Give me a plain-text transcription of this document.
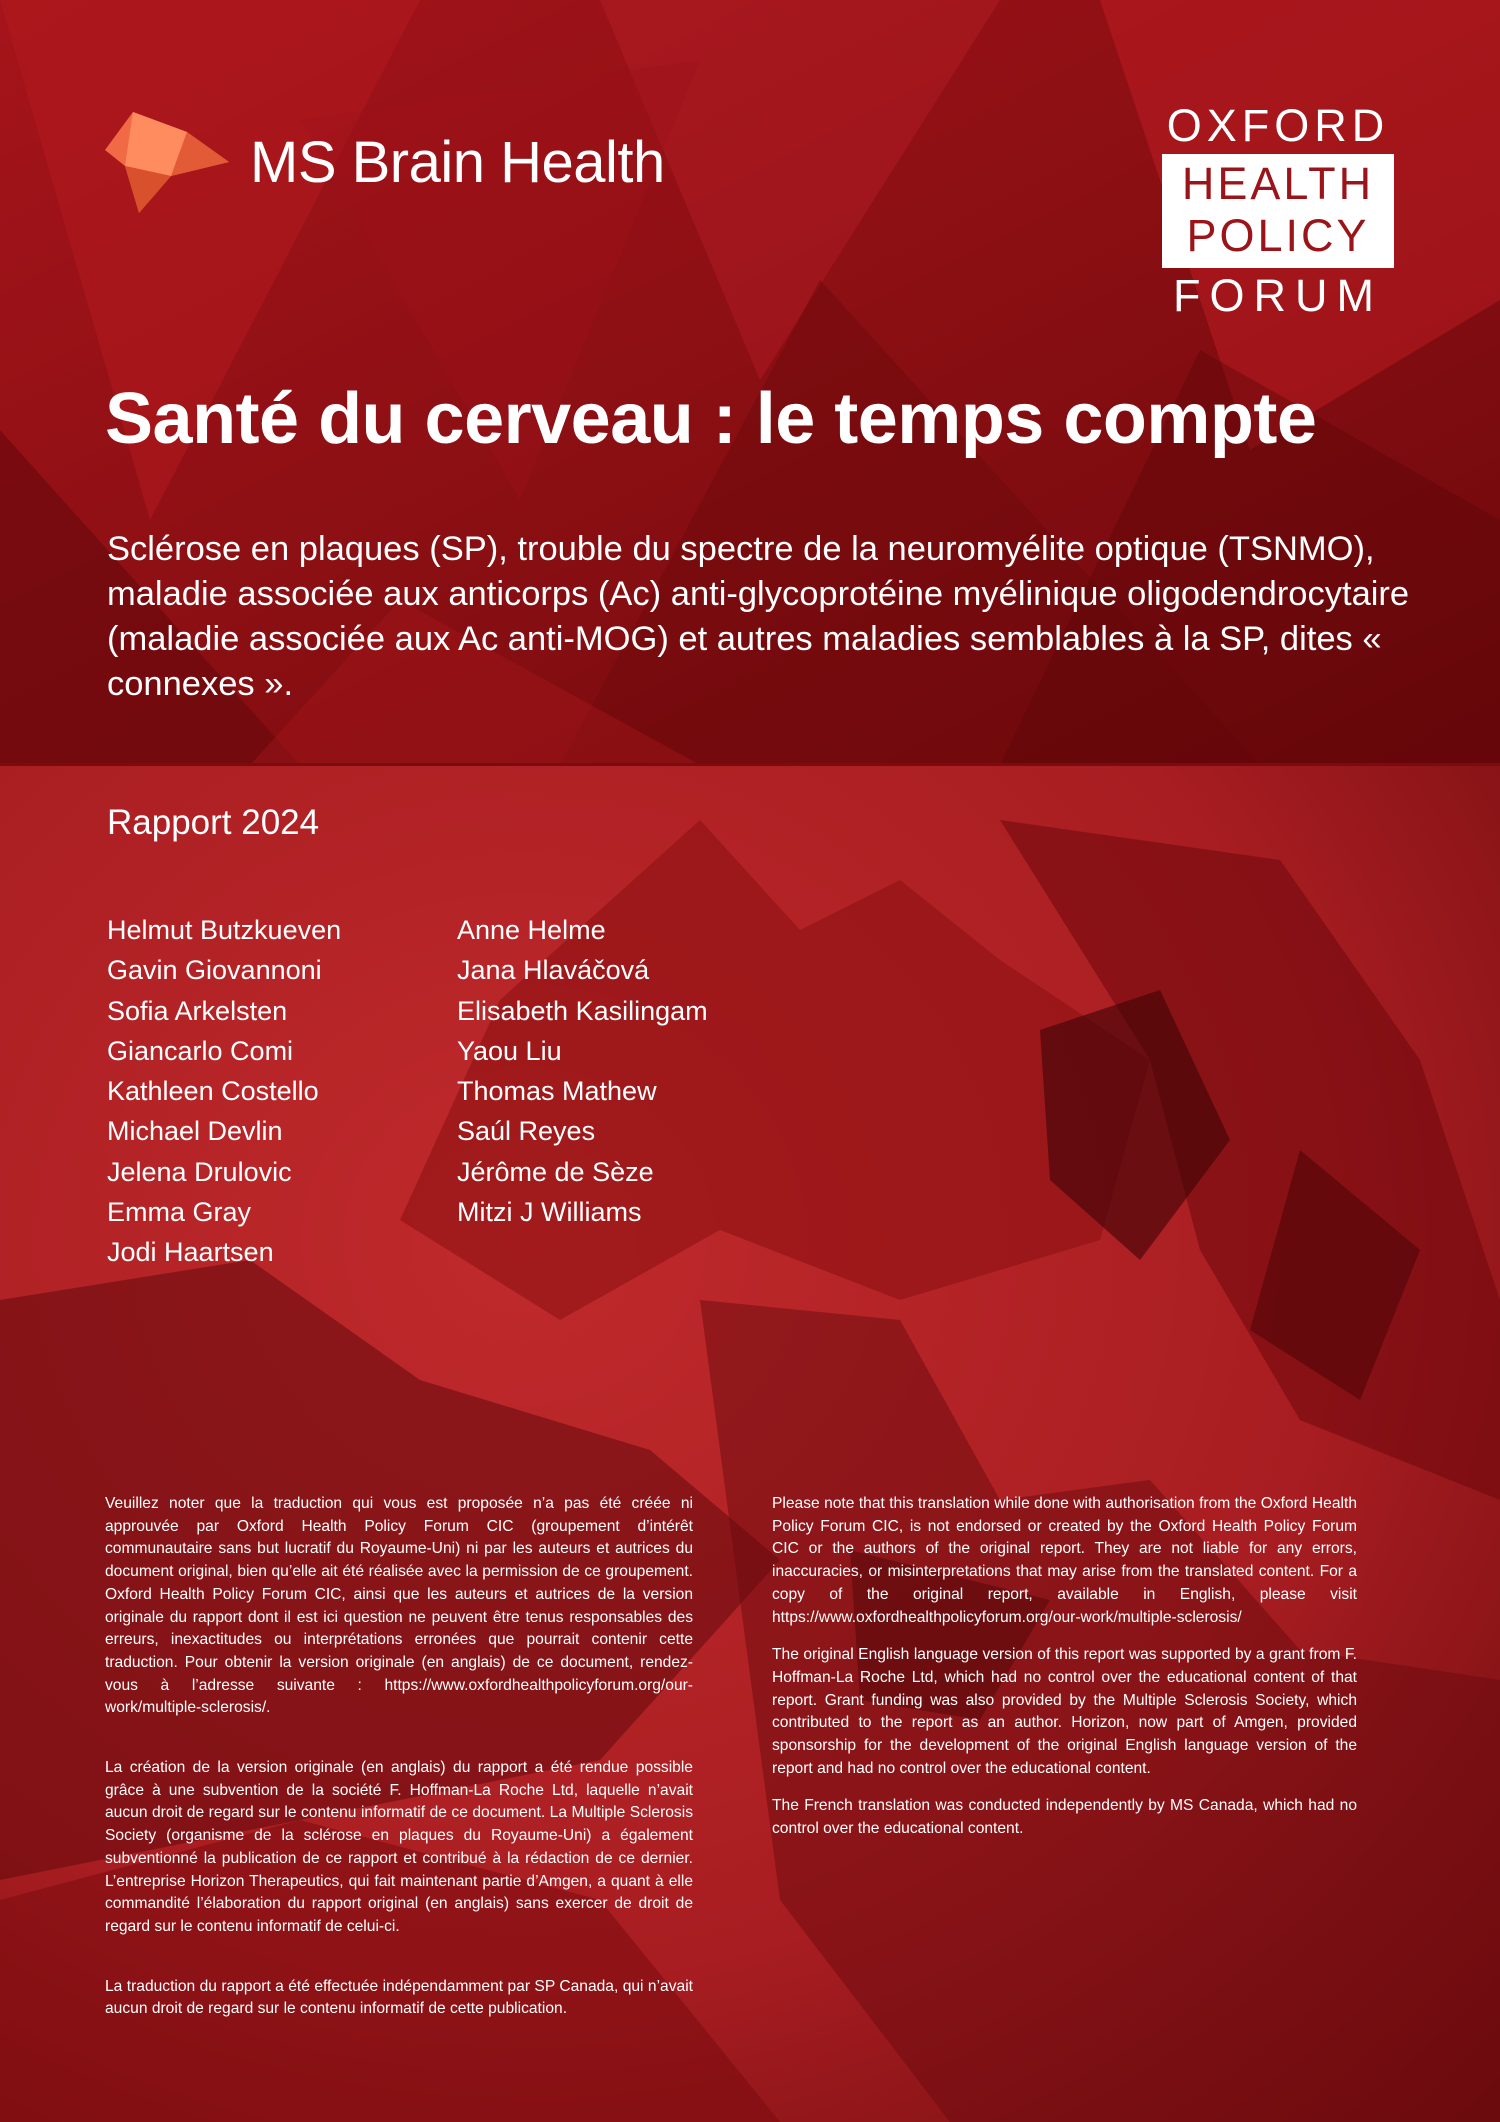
MS Brain Health
OXFORD
HEALTH
POLICY
FORUM
Santé du cerveau : le temps compte

Sclérose en plaques (SP), trouble du spectre de la neuromyélite optique (TSNMO), maladie associée aux anticorps (Ac) anti-glycoprotéine myélinique oligodendrocytaire (maladie associée aux Ac anti-MOG) et autres maladies semblables à la SP, dites « connexes ».

Rapport 2024
Helmut Butzkueven
Gavin Giovannoni
Sofia Arkelsten
Giancarlo Comi
Kathleen Costello
Michael Devlin
Jelena Drulovic
Emma Gray
Jodi Haartsen
Anne Helme
Jana Hlaváčová
Elisabeth Kasilingam
Yaou Liu
Thomas Mathew
Saúl Reyes
Jérôme de Sèze
Mitzi J Williams

Veuillez noter que la traduction qui vous est proposée n’a pas été créée ni approuvée par Oxford Health Policy Forum CIC (groupement d’intérêt communautaire sans but lucratif du Royaume-Uni) ni par les auteurs et autrices du document original, bien qu’elle ait été réalisée avec la permission de ce groupement. Oxford Health Policy Forum CIC, ainsi que les auteurs et autrices de la version originale du rapport dont il est ici question ne peuvent être tenus responsables des erreurs, inexactitudes ou interprétations erronées que pourrait contenir cette traduction. Pour obtenir la version originale (en anglais) de ce document, rendez-vous à l’adresse suivante : https://www.oxfordhealthpolicyforum.org/our-work/multiple-sclerosis/.

La création de la version originale (en anglais) du rapport a été rendue possible grâce à une subvention de la société F. Hoffman-La Roche Ltd, laquelle n’avait aucun droit de regard sur le contenu informatif de ce document. La Multiple Sclerosis Society (organisme de la sclérose en plaques du Royaume-Uni) a également subventionné la publication de ce rapport et contribué à la rédaction de ce dernier. L’entreprise Horizon Therapeutics, qui fait maintenant partie d’Amgen, a quant à elle commandité l’élaboration du rapport original (en anglais) sans exercer de droit de regard sur le contenu informatif de celui-ci.

La traduction du rapport a été effectuée indépendamment par SP Canada, qui n’avait aucun droit de regard sur le contenu informatif de cette publication.

Please note that this translation while done with authorisation from the Oxford Health Policy Forum CIC, is not endorsed or created by the Oxford Health Policy Forum CIC or the authors of the original report. They are not liable for any errors, inaccuracies, or misinterpretations that may arise from the translated content. For a copy of the original report, available in English, please visit https://www.oxfordhealthpolicyforum.org/our-work/multiple-sclerosis/

The original English language version of this report was supported by a grant from F. Hoffman-La Roche Ltd, which had no control over the educational content of that report. Grant funding was also provided by the Multiple Sclerosis Society, which contributed to the report as an author. Horizon, now part of Amgen, provided sponsorship for the development of the original English language version of the report and had no control over the educational content.

The French translation was conducted independently by MS Canada, which had no control over the educational content.
